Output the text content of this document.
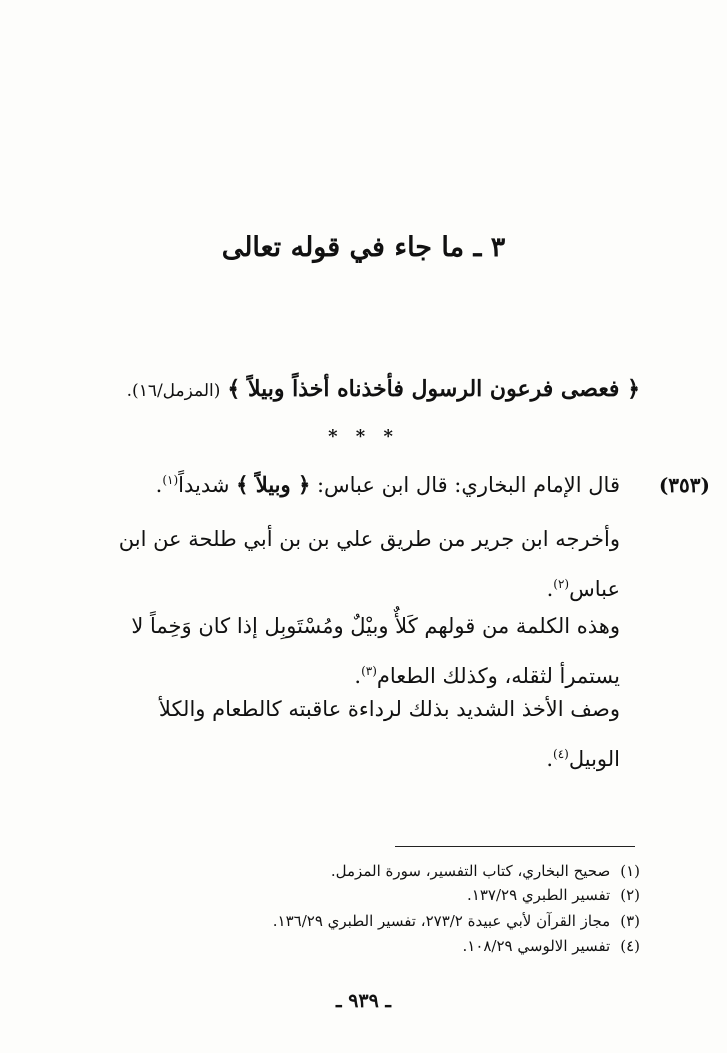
٣ ـ ما جاء في قوله تعالى
﴿ فعصى فرعون الرسول فأخذناه أخذاً وبيلاً ﴾ (المزمل/١٦).
* * *
(٣٥٣)
قال الإمام البخاري: قال ابن عباس: ﴿ وبيلاً ﴾ شديداً$^{(١)}$.
وأخرجه ابن جرير من طريق علي بن بن أبي طلحة عن ابن عباس$^{(٢)}$.
وهذه الكلمة من قولهم كَلأٌ وبيْلٌ ومُسْتَوبِل إذا كان وَخِماً لا يستمرأ لثقله، وكذلك الطعام$^{(٣)}$.
وصف الأخذ الشديد بذلك لرداءة عاقبته كالطعام والكلأ الوبيل$^{(٤)}$.
(١)صحيح البخاري، كتاب التفسير، سورة المزمل.
(٢)تفسير الطبري ١٣٧/٢٩.
(٣)مجاز القرآن لأبي عبيدة ٢٧٣/٢، تفسير الطبري ١٣٦/٢٩.
(٤)تفسير الالوسي ١٠٨/٢٩.
ـ ٩٣٩ ـ
